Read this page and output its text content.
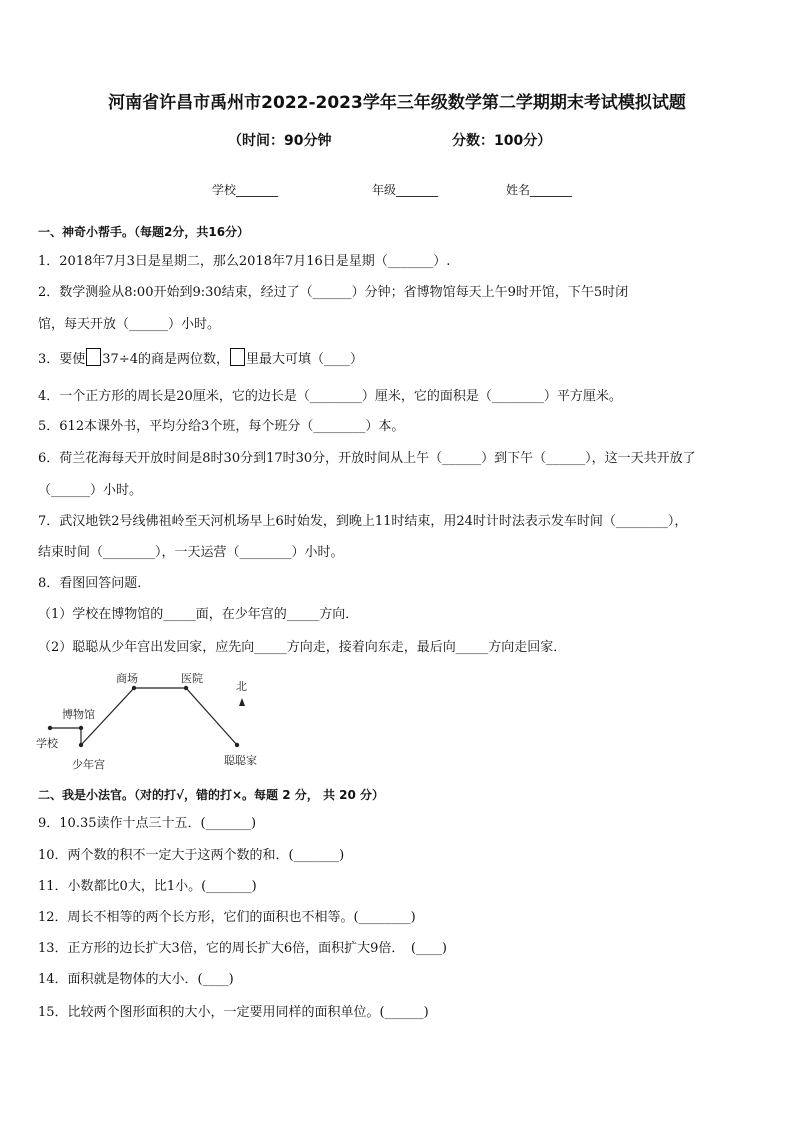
河南省许昌市禹州市2022-2023学年三年级数学第二学期期末考试模拟试题
（时间：90分钟	分数：100分）
学校_______	年级_______	姓名_______
一、神奇小帮手。（每题2分，共16分）
1．2018年7月3日是星期二，那么2018年7月16日是星期（_______）.
2．数学测验从8:00开始到9:30结束，经过了（______）分钟；省博物馆每天上午9时开馆，下午5时闭
馆，每天开放（______）小时。
3．要使 37÷4的商是两位数， 里最大可填（____）
4．一个正方形的周长是20厘米，它的边长是（________）厘米，它的面积是（________）平方厘米。
5．612本课外书，平均分给3个班，每个班分（________）本。
6．荷兰花海每天开放时间是8时30分到17时30分，开放时间从上午（______）到下午（______），这一天共开放了
（______）小时。
7．武汉地铁2号线佛祖岭至天河机场早上6时始发，到晚上11时结束，用24时计时法表示发车时间（________），
结束时间（________），一天运营（________）小时。
8．看图回答问题．
（1）学校在博物馆的_____面，在少年宫的_____方向．
（2）聪聪从少年宫出发回家，应先向_____方向走，接着向东走，最后向_____方向走回家．
学校
博物馆
少年宫
商场	医院
聪聪家
北
二、我是小法官。（对的打√，错的打×。每题 2 分， 共 20 分）
9．10.35读作十点三十五．(_______)
10．两个数的积不一定大于这两个数的和．(_______)
11．小数都比0大，比1小。(_______)
12．周长不相等的两个长方形，它们的面积也不相等。(________)
13．正方形的边长扩大3倍，它的周长扩大6倍，面积扩大9倍．　(____)
14．面积就是物体的大小．(____)
15．比较两个图形面积的大小，一定要用同样的面积单位。(______)
